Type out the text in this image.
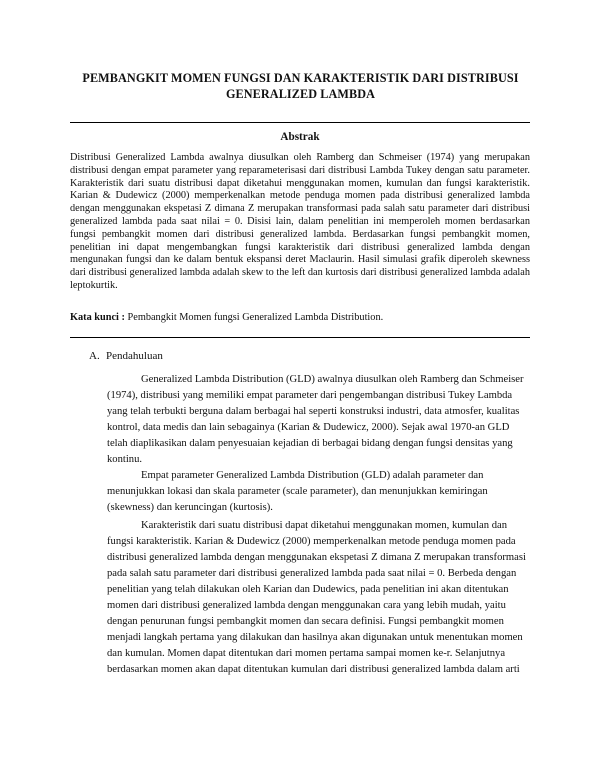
PEMBANGKIT MOMEN FUNGSI DAN KARAKTERISTIK DARI DISTRIBUSI
GENERALIZED LAMBDA
Abstrak

Distribusi Generalized Lambda awalnya diusulkan oleh Ramberg dan Schmeiser (1974) yang merupakan distribusi dengan empat parameter yang reparameterisasi dari distribusi Lambda Tukey dengan satu parameter. Karakteristik dari suatu distribusi dapat diketahui menggunakan momen, kumulan dan fungsi karakteristik. Karian & Dudewicz (2000) memperkenalkan metode penduga momen pada distribusi generalized lambda dengan menggunakan ekspetasi Z dimana Z merupakan transformasi pada salah satu parameter dari distribusi generalized lambda pada saat nilai = 0. Disisi lain, dalam penelitian ini memperoleh momen berdasarkan fungsi pembangkit momen dari distribusi generalized lambda. Berdasarkan fungsi pembangkit momen, penelitian ini dapat mengembangkan fungsi karakteristik dari distribusi generalized lambda dengan mengunakan fungsi dan ke dalam bentuk ekspansi deret Maclaurin. Hasil simulasi grafik diperoleh skewness dari distribusi generalized lambda adalah skew to the left dan kurtosis dari distribusi generalized lambda adalah leptokurtik.

Kata kunci : Pembangkit Momen fungsi Generalized Lambda Distribution.

A. Pendahuluan

Generalized Lambda Distribution (GLD) awalnya diusulkan oleh Ramberg dan Schmeiser (1974), distribusi yang memiliki empat parameter dari pengembangan distribusi Tukey Lambda yang telah terbukti berguna dalam berbagai hal seperti konstruksi industri, data atmosfer, kualitas kontrol, data medis dan lain sebagainya (Karian & Dudewicz, 2000). Sejak awal 1970-an GLD telah diaplikasikan dalam penyesuaian kejadian di berbagai bidang dengan fungsi densitas yang kontinu.

Empat parameter Generalized Lambda Distribution (GLD) adalah parameter dan menunjukkan lokasi dan skala parameter (scale parameter), dan menunjukkan kemiringan (skewness) dan keruncingan (kurtosis).

Karakteristik dari suatu distribusi dapat diketahui menggunakan momen, kumulan dan fungsi karakteristik. Karian & Dudewicz (2000) memperkenalkan metode penduga momen pada distribusi generalized lambda dengan menggunakan ekspetasi Z dimana Z merupakan transformasi pada salah satu parameter dari distribusi generalized lambda pada saat nilai = 0. Berbeda dengan penelitian yang telah dilakukan oleh Karian dan Dudewics, pada penelitian ini akan ditentukan momen dari distribusi generalized lambda dengan menggunakan cara yang lebih mudah, yaitu dengan penurunan fungsi pembangkit momen dan secara definisi. Fungsi pembangkit momen menjadi langkah pertama yang dilakukan dan hasilnya akan digunakan untuk menentukan momen dan kumulan. Momen dapat ditentukan dari momen pertama sampai momen ke-r. Selanjutnya berdasarkan momen akan dapat ditentukan kumulan dari distribusi generalized lambda dalam arti
